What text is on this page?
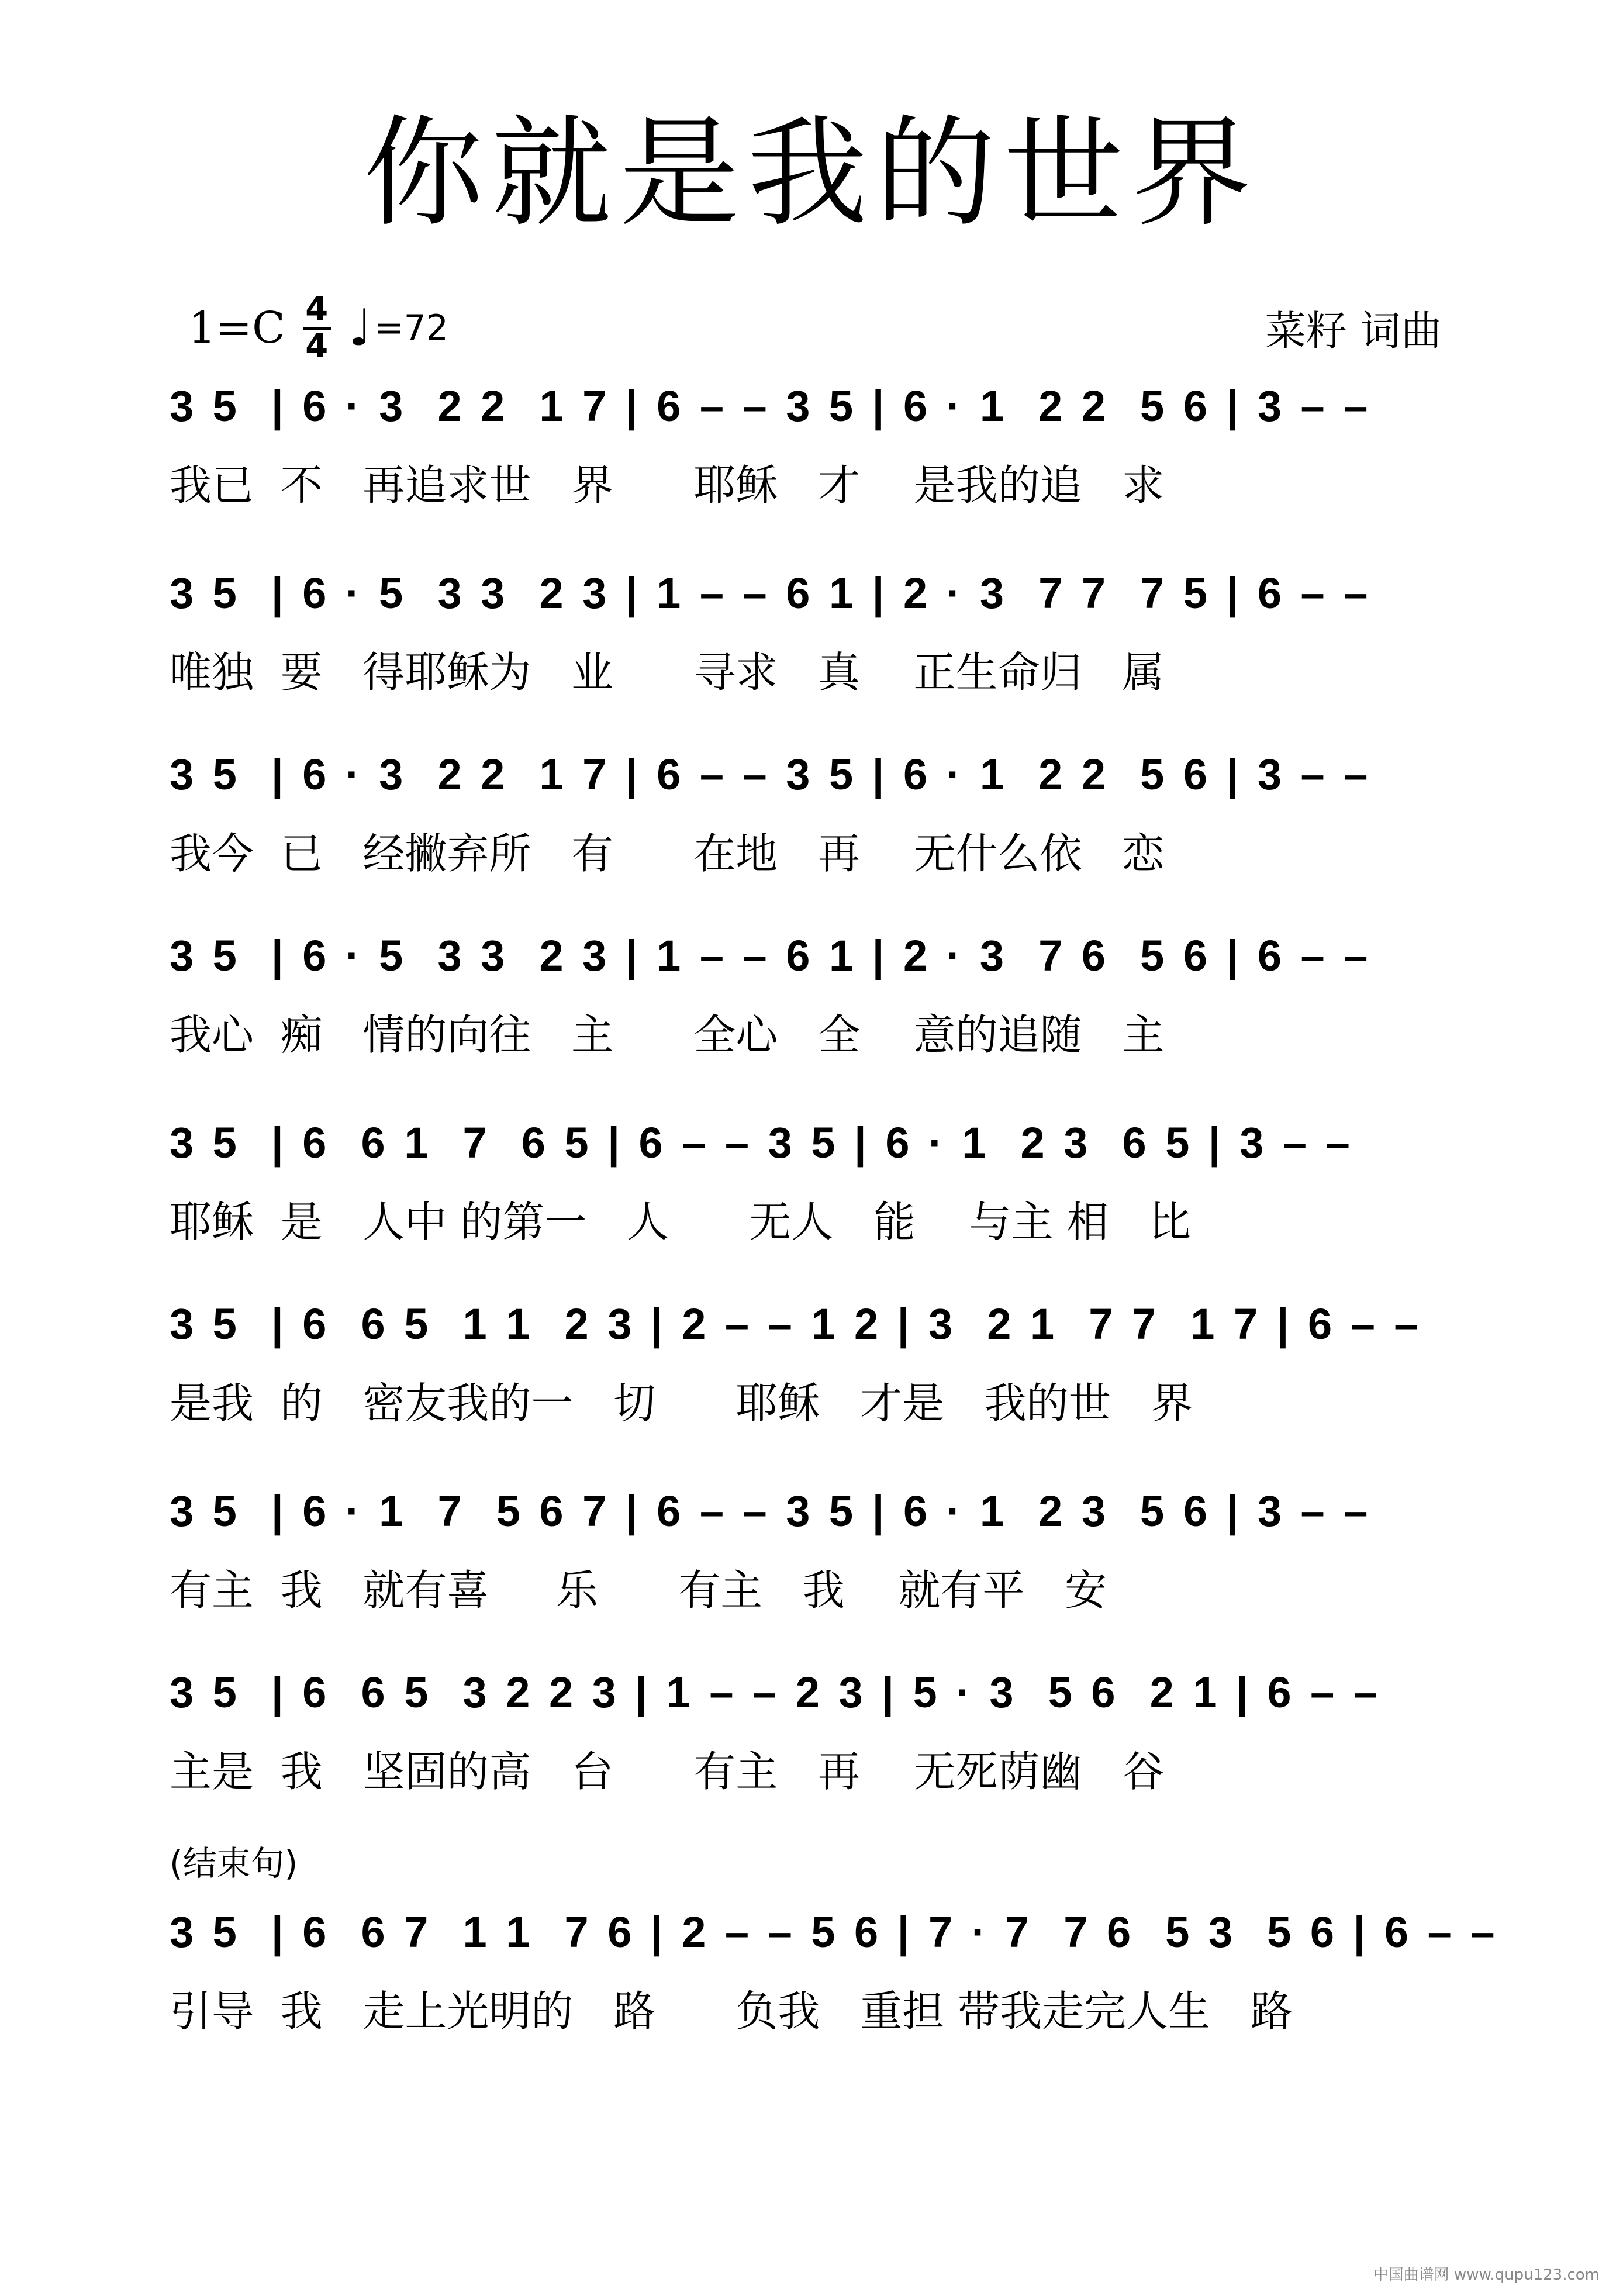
你就是我的世界
1=C 4
4 ♩ =72	菜籽 词曲
3 5  | 6 · 3  2 2  1 7 | 6 – – 3 5 | 6 · 1  2 2  5 6 | 3 – –
我已  不   再追求世   界      耶稣   才    是我的追   求
3 5  | 6 · 5  3 3  2 3 | 1 – – 6 1 | 2 · 3  7 7  7 5 | 6 – –
唯独  要   得耶稣为   业      寻求   真    正生命归   属
3 5  | 6 · 3  2 2  1 7 | 6 – – 3 5 | 6 · 1  2 2  5 6 | 3 – –
我今  已   经撇弃所   有      在地   再    无什么依   恋
3 5  | 6 · 5  3 3  2 3 | 1 – – 6 1 | 2 · 3  7 6  5 6 | 6 – –
我心  痴   情的向往   主      全心   全    意的追随   主
3 5  | 6  6 1  7  6 5 | 6 – – 3 5 | 6 · 1  2 3  6 5 | 3 – –
耶稣  是   人中 的第一   人      无人   能    与主 相   比
3 5  | 6  6 5  1 1  2 3 | 2 – – 1 2 | 3  2 1  7 7  1 7 | 6 – –
是我  的   密友我的一   切      耶稣   才是   我的世   界
3 5  | 6 · 1  7  5 6 7 | 6 – – 3 5 | 6 · 1  2 3  5 6 | 3 – –
有主  我   就有喜     乐      有主   我    就有平   安
3 5  | 6  6 5  3 2 2 3 | 1 – – 2 3 | 5 · 3  5 6  2 1 | 6 – –
主是  我   坚固的高   台      有主   再    无死荫幽   谷
(结束句)
3 5  | 6  6 7  1 1  7 6 | 2 – – 5 6 | 7 · 7  7 6  5 3  5 6 | 6 – –
引导  我   走上光明的   路      负我   重担 带我走完人生   路
中国曲谱网 www.qupu123.com
